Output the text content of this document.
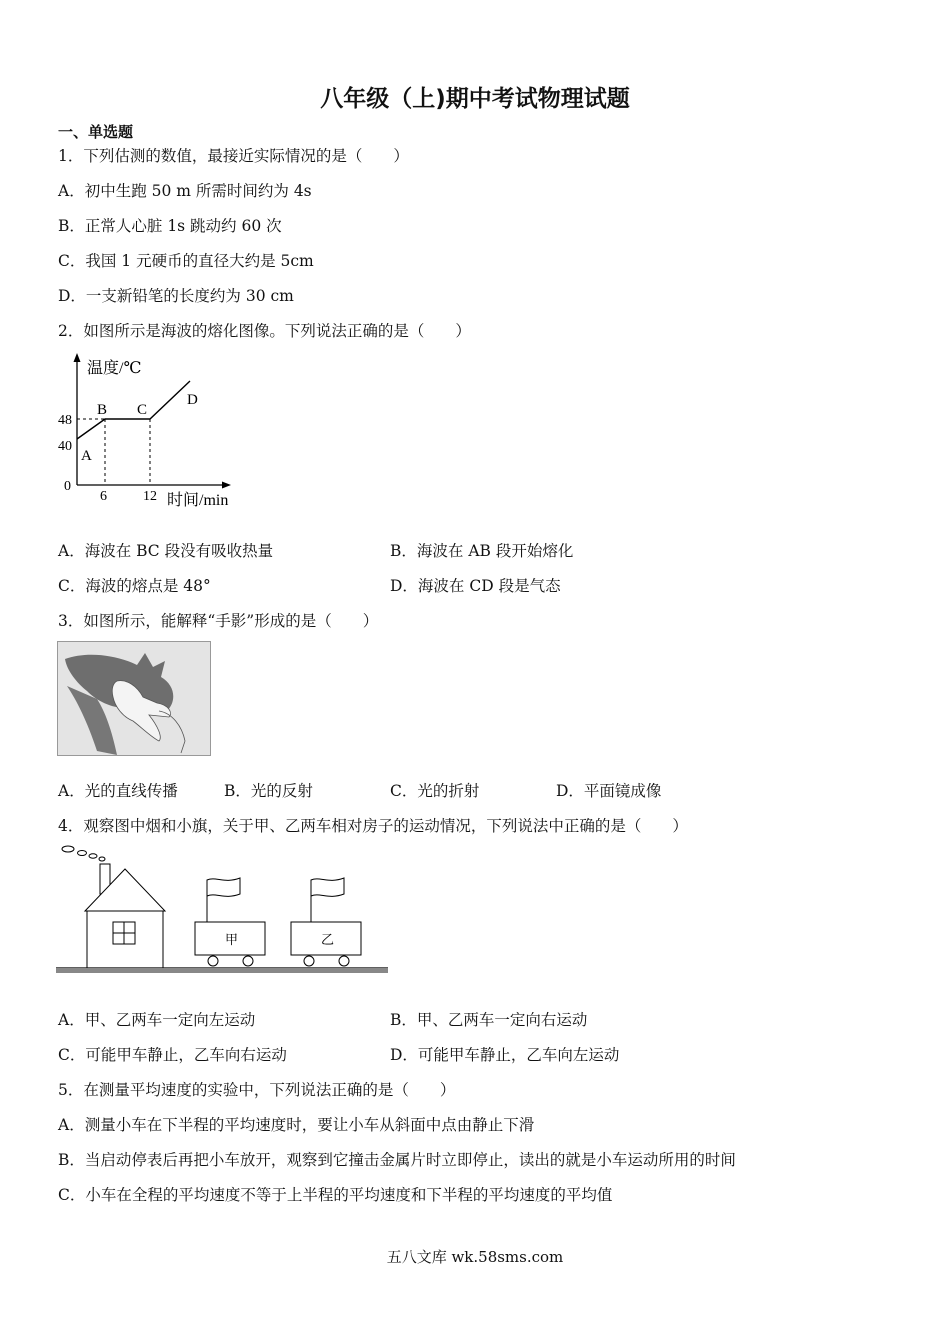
八年级（上)期中考试物理试题
一、单选题
1．下列估测的数值，最接近实际情况的是（　　）
A．初中生跑 50 m 所需时间约为 4s
B．正常人心脏 1s 跳动约 60 次
C．我国 1 元硬币的直径大约是 5cm
D．一支新铅笔的长度约为 30 cm
2．如图所示是海波的熔化图像。下列说法正确的是（　　）
温度/℃
时间/min
48
40
0
6	12
A
B C
D
A．海波在 BC 段没有吸收热量	B．海波在 AB 段开始熔化
C．海波的熔点是 48°	D．海波在 CD 段是气态
3．如图所示，能解释“手影”形成的是（　　）
A．光的直线传播	B．光的反射	C．光的折射	D．平面镜成像
4．观察图中烟和小旗，关于甲、乙两车相对房子的运动情况，下列说法中正确的是（　　）
甲	乙
A．甲、乙两车一定向左运动	B．甲、乙两车一定向右运动
C．可能甲车静止，乙车向右运动	D．可能甲车静止，乙车向左运动
5．在测量平均速度的实验中，下列说法正确的是（　　）
A．测量小车在下半程的平均速度时，要让小车从斜面中点由静止下滑
B．当启动停表后再把小车放开，观察到它撞击金属片时立即停止，读出的就是小车运动所用的时间
C．小车在全程的平均速度不等于上半程的平均速度和下半程的平均速度的平均值
五八文库 wk.58sms.com
